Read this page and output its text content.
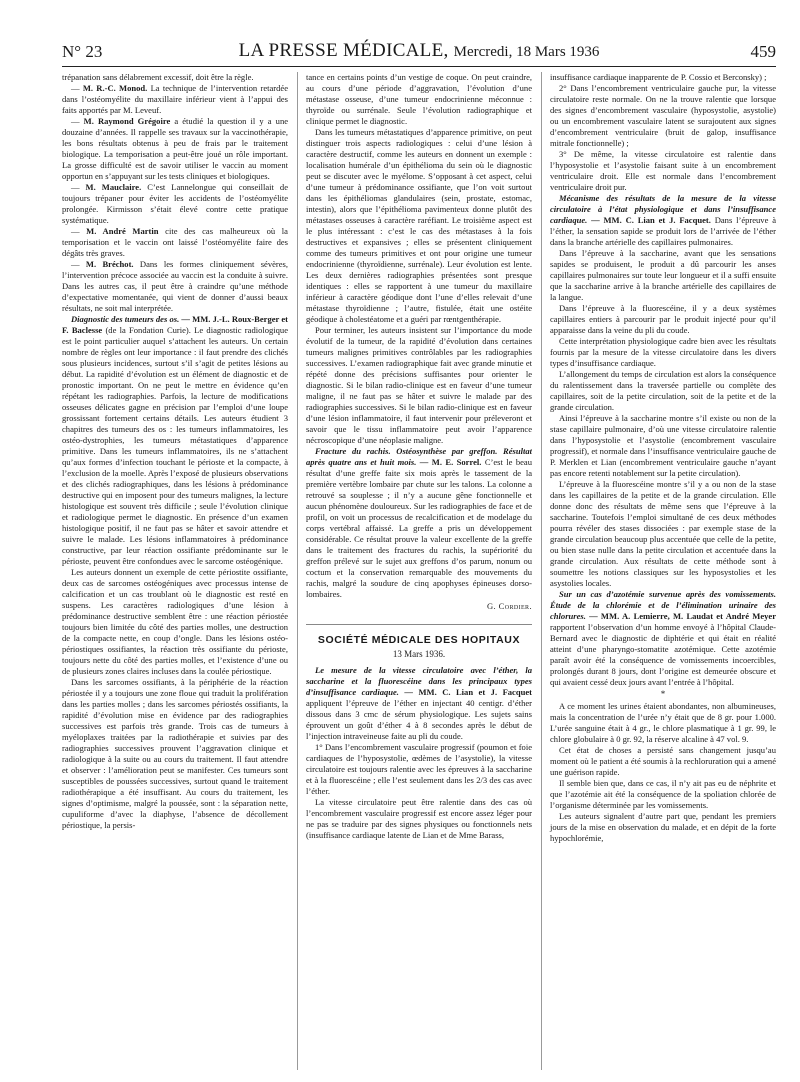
N° 23	LA PRESSE MÉDICALE, Mercredi, 18 Mars 1936	459

trépanation sans délabrement excessif, doit être la règle.

— M. R.-C. Monod. La technique de l’intervention retardée dans l’ostéomyélite du maxillaire inférieur vient à l’appui des faits apportés par M. Leveuf.

— M. Raymond Grégoire a étudié la question il y a une douzaine d’années. Il rappelle ses travaux sur la vaccinothérapie, les bons résultats obtenus à peu de frais par le traitement biologique. La temporisation a peut-être joué un rôle important. La grosse difficulté est de savoir utiliser le vaccin au moment opportun en s’appuyant sur les tests cliniques et biologiques.

— M. Mauclaire. C’est Lannelongue qui conseillait de toujours trépaner pour éviter les accidents de l’ostéomyélite prolongée. Kirmisson s’était élevé contre cette pratique systématique.

— M. André Martin cite des cas malheureux où la temporisation et le vaccin ont laissé l’ostéomyélite faire des dégâts très graves.

— M. Bréchot. Dans les formes cliniquement sévères, l’intervention précoce associée au vaccin est la conduite à suivre. Dans les autres cas, il peut être à craindre qu’une méthode d’expectative momentanée, qui vient de donner d’aussi beaux résultats, ne soit mal interprétée.

Diagnostic des tumeurs des os. — MM. J.-L. Roux-Berger et F. Baclesse (de la Fondation Curie). Le diagnostic radiologique est le point particulier auquel s’attachent les auteurs. Un certain nombre de règles ont leur importance : il faut prendre des clichés sous plusieurs incidences, surtout s’il s’agit de petites lésions au début. La rapidité d’évolution est un élément de diagnostic et de pronostic important. On ne peut le mettre en évidence qu’en répétant les radiographies. Parfois, la lecture de modifications osseuses délicates gagne en précision par l’emploi d’une loupe grossissant fortement certains détails. Les auteurs étudient 3 chapitres des tumeurs des os : les tumeurs inflammatoires, les ostéo-dystrophies, les tumeurs métastatiques d’apparence primitive. Dans les tumeurs inflammatoires, ils ne s’attachent qu’aux formes d’infection touchant le périoste et la compacte, à l’exclusion de la moelle. Après l’exposé de plusieurs observations et des clichés radiographiques, dans les lésions à prédominance destructive qui en imposent pour des tumeurs malignes, la lecture histologique est souvent très difficile ; seule l’évolution clinique et radiologique permet le diagnostic. En présence d’un examen histologique positif, il ne faut pas se hâter et savoir attendre et suivre le malade. Les lésions inflammatoires à prédominance constructive, par leur réaction ossifiante prédominante sur le périoste, peuvent être confondues avec le sarcome ostéogénique.

Les auteurs donnent un exemple de cette périostite ossifiante, deux cas de sarcomes ostéogéniques avec processus intense de calcification et un cas troublant où le diagnostic est resté en suspens. Les caractères radiologiques d’une lésion à prédominance destructive semblent être : une réaction périostée toujours bien limitée du côté des parties molles, une destruction de la compacte nette, en coup d’ongle. Dans les lésions ostéo-périostiques ossifiantes, la réaction très ossifiante du périoste, toujours nette du côté des parties molles, et l’existence d’une ou de plusieurs zones claires incluses dans la coulée périostique.

Dans les sarcomes ossifiants, à la périphérie de la réaction périostée il y a toujours une zone floue qui traduit la prolifération dans les parties molles ; dans les sarcomes périostés ossifiants, la rapidité d’évolution mise en évidence par des radiographies successives est parfois très grande. Trois cas de tumeurs à myéloplaxes traitées par la radiothérapie et suivies par des radiographies successives prouvent l’aggravation clinique et radiologique à la suite ou au cours du traitement. Il faut attendre et observer : l’amélioration peut se manifester. Ces tumeurs sont susceptibles de poussées successives, surtout quand le traitement radiothérapique a été insuffisant. Au cours du traitement, les signes d’optimisme, malgré la poussée, sont : la séparation nette, cupuliforme d’avec la diaphyse, l’absence de décollement périostique, la persis-

tance en certains points d’un vestige de coque. On peut craindre, au cours d’une période d’aggravation, l’évolution d’une métastase osseuse, d’une tumeur endocrinienne méconnue : thyroïde ou surrénale. Seule l’évolution radiographique et clinique permet le diagnostic.

Dans les tumeurs métastatiques d’apparence primitive, on peut distinguer trois aspects radiologiques : celui d’une lésion à caractère destructif, comme les auteurs en donnent un exemple : localisation humérale d’un épithélioma du sein où le diagnostic peut se discuter avec le myélome. S’opposant à cet aspect, celui d’une tumeur à prédominance ossifiante, que l’on voit surtout dans les épithéliomas glandulaires (sein, prostate, estomac, intestin), alors que l’épithélioma pavimenteux donne plutôt des métastases osseuses à caractère raréfiant. Le troisième aspect est le plus intéressant : c’est le cas des métastases à la fois destructives et expansives ; elles se présentent cliniquement comme des tumeurs primitives et ont pour origine une tumeur endocrinienne (thyroïdienne, surrénale). Leur évolution est lente. Les deux dernières radiographies présentées sont presque identiques : elles se rapportent à une tumeur du maxillaire inférieur à caractère géodique dont l’une d’elles relevait d’une métastase thyroïdienne ; l’autre, fistulée, était une ostéite géodique à cholestéatome et a guéri par rœntgenthérapie.

Pour terminer, les auteurs insistent sur l’importance du mode évolutif de la tumeur, de la rapidité d’évolution dans certaines tumeurs malignes primitives contrôlables par les radiographies successives. L’examen radiographique fait avec grande minutie et répété donne des précisions suffisantes pour orienter le diagnostic. Si le bilan radio-clinique est en faveur d’une tumeur maligne, il ne faut pas se hâter et suivre le malade par des radiographies successives. Si le bilan radio-clinique est en faveur d’une lésion inflammatoire, il faut intervenir pour préleveront et savoir que le tissu inflammatoire peut avoir l’apparence nécroscopique d’une néoplasie maligne.

Fracture du rachis. Ostéosynthèse par greffon. Résultat après quatre ans et huit mois. — M. E. Sorrel. C’est le beau résultat d’une greffe faite six mois après le tassement de la première vertèbre lombaire par chute sur les talons. La colonne a retrouvé sa souplesse ; il n’y a aucune gêne fonctionnelle et aucun phénomène douloureux. Sur les radiographies de face et de profil, on voit un processus de recalcification et de modelage du corps vertébral affaissé. La greffe a pris un développement considérable. Ce résultat prouve la valeur excellente de la greffe dans le traitement des fractures du rachis, la supériorité du greffon prélevé sur le sujet aux greffons d’os parum, nonum ou coctum et la conservation remarquable des mouvements du rachis, malgré la soudure de cinq apophyses épineuses dorso-lombaires.

G. Cordier.
SOCIÉTÉ MÉDICALE DES HOPITAUX
13 Mars 1936.

Le mesure de la vitesse circulatoire avec l’éther, la saccharine et la fluorescéine dans les principaux types d’insuffisance cardiaque. — MM. C. Lian et J. Facquet appliquent l’épreuve de l’éther en injectant 40 centigr. d’éther dissous dans 3 cmc de sérum physiologique. Les sujets sains éprouvent un goût d’éther 4 à 8 secondes après le début de l’injection intraveineuse faite au pli du coude.

1° Dans l’encombrement vasculaire progressif (poumon et foie cardiaques de l’hyposystolie, œdèmes de l’asystolie), la vitesse circulatoire est toujours ralentie avec les épreuves à la saccharine et à la fluorescéine ; elle l’est seulement dans les 2/3 des cas avec l’éther.

La vitesse circulatoire peut être ralentie dans des cas où l’encombrement vasculaire progressif est encore assez léger pour ne pas se traduire par des signes physiques ou fonctionnels nets (insuffisance cardiaque latente de Lian et de Mme Barass,

insuffisance cardiaque inapparente de P. Cossio et Berconsky) ;

2° Dans l’encombrement ventriculaire gauche pur, la vitesse circulatoire reste normale. On ne la trouve ralentie que lorsque des signes d’encombrement vasculaire (hyposystolie, asystolie) ou un encombrement vasculaire latent se surajoutent aux signes d’encombrement ventriculaire (bruit de galop, insuffisance mitrale fonctionnelle) ;

3° De même, la vitesse circulatoire est ralentie dans l’hyposystolie et l’asystolie faisant suite à un encombrement ventriculaire droit. Elle est normale dans l’encombrement ventriculaire droit pur.

Mécanisme des résultats de la mesure de la vitesse circulatoire à l’état physiologique et dans l’insuffisance cardiaque. — MM. C. Lian et J. Facquet. Dans l’épreuve à l’éther, la sensation sapide se produit lors de l’arrivée de l’éther dans la branche artérielle des capillaires pulmonaires.

Dans l’épreuve à la saccharine, avant que les sensations sapides se produisent, le produit a dû parcourir les anses capillaires pulmonaires sur toute leur longueur et il a suffi ensuite que la saccharine arrive à la branche artérielle des capillaires de la langue.

Dans l’épreuve à la fluorescéine, il y a deux systèmes capillaires entiers à parcourir par le produit injecté pour qu’il apparaisse dans la veine du pli du coude.

Cette interprétation physiologique cadre bien avec les résultats fournis par la mesure de la vitesse circulatoire dans les divers types d’insuffisance cardiaque.

L’allongement du temps de circulation est alors la conséquence du ralentissement dans la traversée partielle ou complète des capillaires, soit de la petite circulation, soit de la petite et de la grande circulation.

Ainsi l’épreuve à la saccharine montre s’il existe ou non de la stase capillaire pulmonaire, d’où une vitesse circulatoire ralentie dans l’hyposystolie et l’asystolie (encombrement vasculaire progressif), et normale dans l’insuffisance ventriculaire gauche de P. Merklen et Lian (encombrement ventriculaire gauche n’ayant pas encore retenti notablement sur la petite circulation).

L’épreuve à la fluorescéine montre s’il y a ou non de la stase dans les capillaires de la petite et de la grande circulation. Elle donne donc des résultats de même sens que l’épreuve à la saccharine. Toutefois l’emploi simultané de ces deux méthodes pourra révéler des stases dissociées : par exemple stase de la grande circulation beaucoup plus accentuée que celle de la petite, ou bien stase nulle dans la petite circulation et accentuée dans la grande circulation. Aux résultats de cette méthode sont à soumettre les notions classiques sur les hyposystolies et les asystolies locales.

Sur un cas d’azotémie survenue après des vomissements. Étude de la chlorémie et de l’élimination urinaire des chlorures. — MM. A. Lemierre, M. Laudat et André Meyer rapportent l’observation d’un homme envoyé à l’hôpital Claude-Bernard avec le diagnostic de diphtérie et qui était en réalité atteint d’une pharyngo-stomatite azotémique. Cette azotémie paraît avoir été la conséquence de vomissements incoercibles, prolongés durant 8 jours, dont l’origine est demeurée obscure et qui avaient cessé deux jours avant l’entrée à l’hôpital.

*

A ce moment les urines étaient abondantes, non albumineuses, mais la concentration de l’urée n’y était que de 8 gr. pour 1.000. L’urée sanguine était à 4 gr., le chlore plasmatique à 1 gr. 99, le chlore globulaire à 0 gr. 92, la réserve alcaline à 47 vol. 9.

Cet état de choses a persisté sans changement jusqu’au moment où le patient a été soumis à la rechloruration qui a amené une guérison rapide.

Il semble bien que, dans ce cas, il n’y ait pas eu de néphrite et que l’azotémie ait été la conséquence de la spoliation chlorée de l’organisme déterminée par les vomissements.

Les auteurs signalent d’autre part que, pendant les premiers jours de la mise en observation du malade, et en dépit de la forte hypochlorémie,
